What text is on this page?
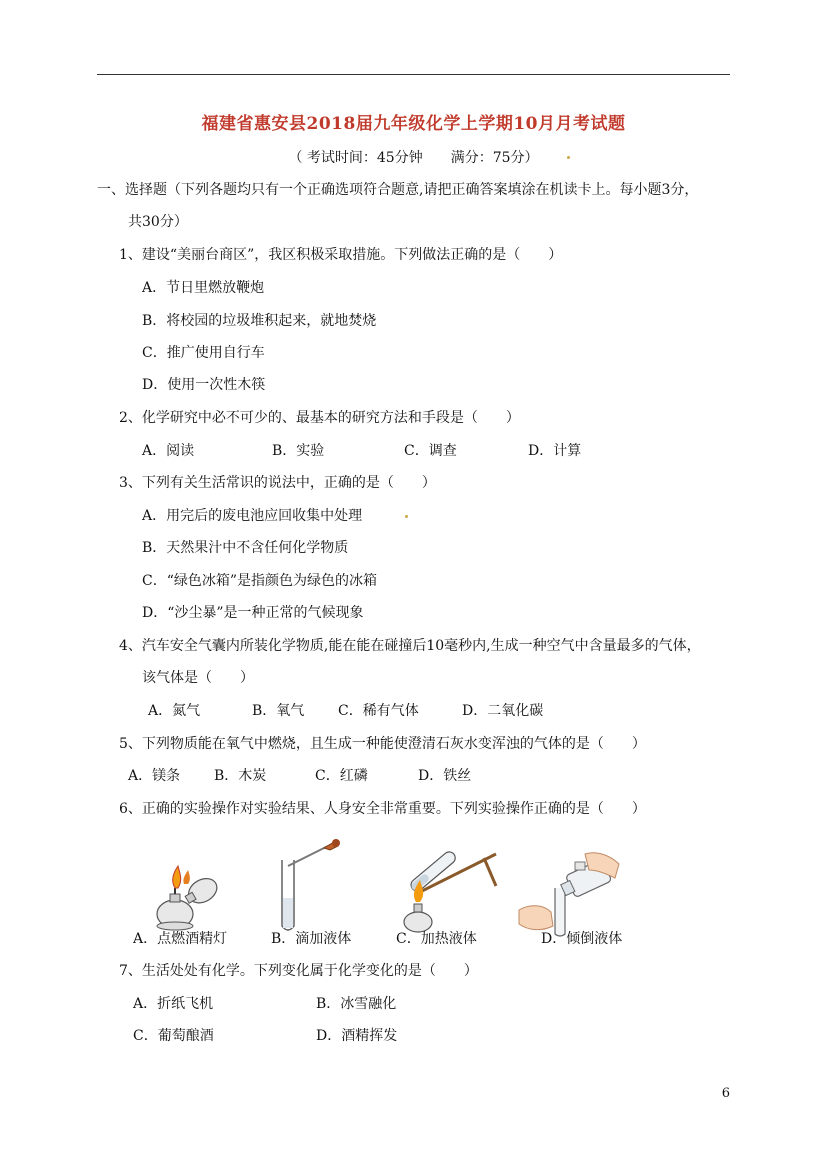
福建省惠安县2018届九年级化学上学期10月月考试题
（ 考试时间：45分钟　　满分：75分）
一、选择题（下列各题均只有一个正确选项符合题意,请把正确答案填涂在机读卡上。每小题3分，
共30分）
1、建设“美丽台商区”，我区积极采取措施。下列做法正确的是（　　）
A．节日里燃放鞭炮
B．将校园的垃圾堆积起来，就地焚烧
C．推广使用自行车
D．使用一次性木筷
2、化学研究中必不可少的、最基本的研究方法和手段是（　　）
A．阅读	B．实验	C．调查	D．计算
3、下列有关生活常识的说法中，正确的是（　　）
A．用完后的废电池应回收集中处理
B．天然果汁中不含任何化学物质
C．“绿色冰箱”是指颜色为绿色的冰箱
D．“沙尘暴”是一种正常的气候现象
4、汽车安全气囊内所装化学物质,能在能在碰撞后10毫秒内,生成一种空气中含量最多的气体，
该气体是（　　）
A．氮气	B．氧气 C．稀有气体	D．二氧化碳
5、下列物质能在氧气中燃烧，且生成一种能使澄清石灰水变浑浊的气体的是（　　）
A．镁条 B．木炭	C．红磷	D．铁丝
6、正确的实验操作对实验结果、人身安全非常重要。下列实验操作正确的是（　　）
A．点燃酒精灯	B．滴加液体	C．加热液体	D．倾倒液体
7、生活处处有化学。下列变化属于化学变化的是（　　）
A．折纸飞机	B．冰雪融化
C．葡萄酿酒	D．酒精挥发
6
